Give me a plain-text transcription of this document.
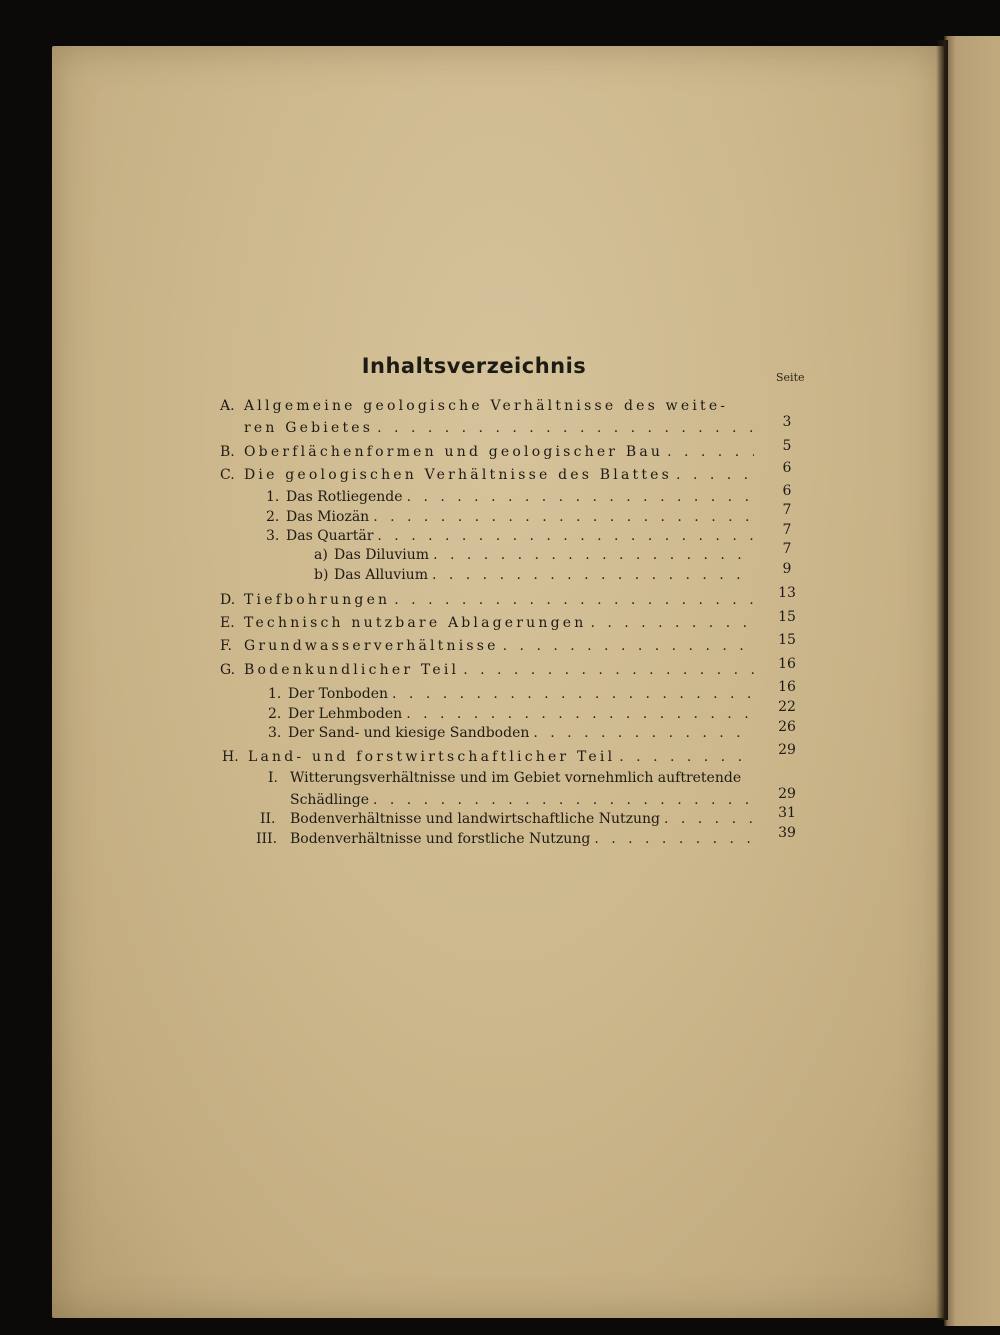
Inhaltsverzeichnis	Seite
A. Allgemeine geologische Verhältnisse des weite-
ren Gebietes . . .	3
B. Oberflächenformen und geologischer Bau . . .	5
C. Die geologischen Verhältnisse des Blattes . . .	6
1. Das Rotliegende . . .	6
2. Das Miozän . . .	7
3. Das Quartär . . .	7
a) Das Diluvium . . .	7
b) Das Alluvium . . .	9
D. Tiefbohrungen . . .	13
E. Technisch nutzbare Ablagerungen . . .	15
F. Grundwasserverhältnisse . . .	15
G. Bodenkundlicher Teil . . .	16
1. Der Tonboden . . .	16
2. Der Lehmboden . . .	22
3. Der Sand- und kiesige Sandboden . . .	26
H. Land- und forstwirtschaftlicher Teil . . .	29
I. Witterungsverhältnisse und im Gebiet vornehmlich auftretende
Schädlinge . . .	29
II.	Bodenverhältnisse und landwirtschaftliche Nutzung . . .	31
III. Bodenverhältnisse und forstliche Nutzung . . .	39
